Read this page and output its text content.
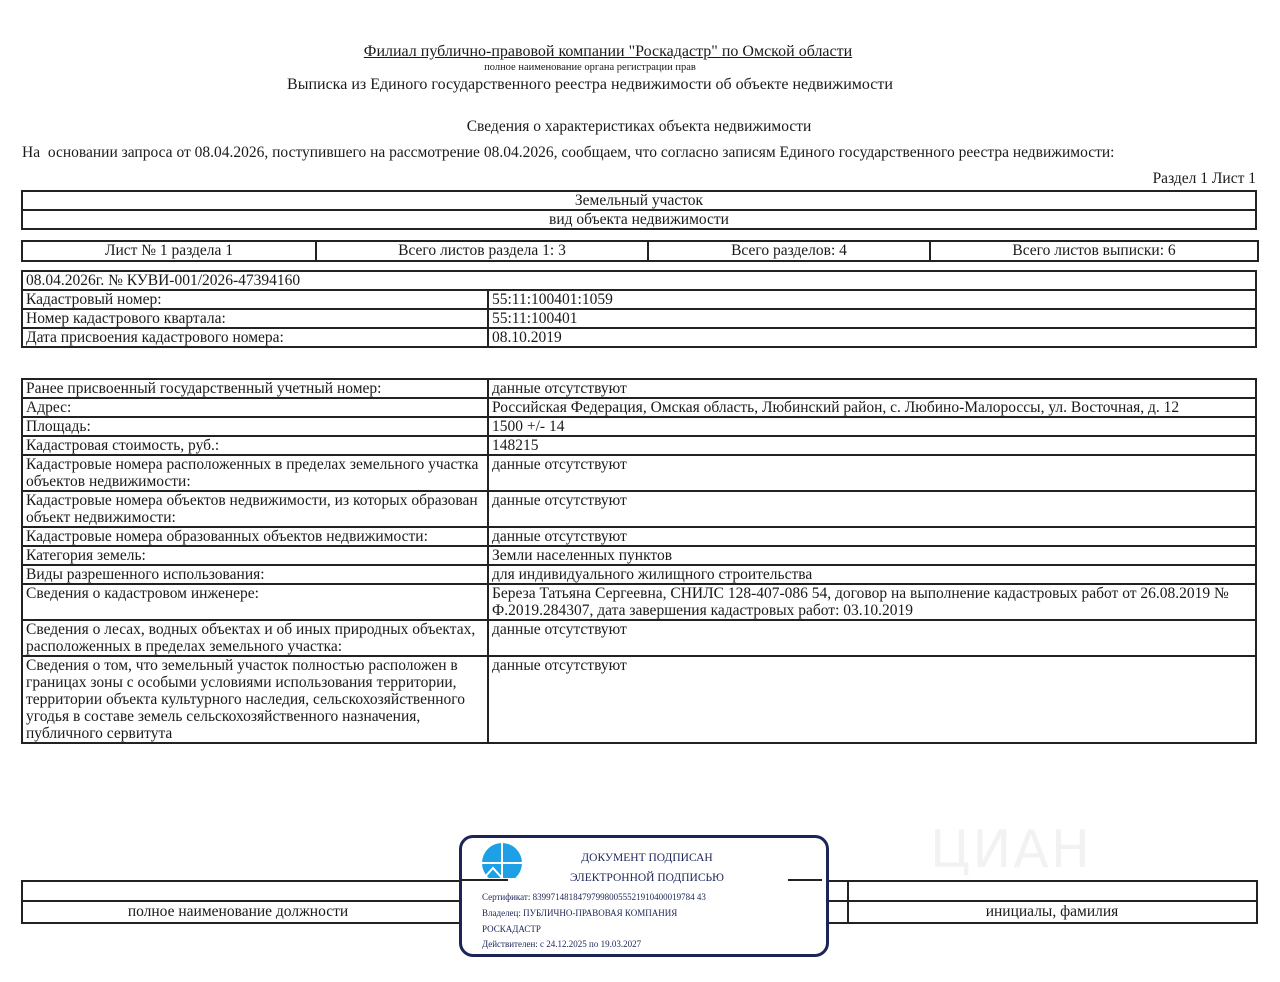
Филиал публично-правовой компании "Роскадастр" по Омской области
полное наименование органа регистрации прав
Выписка из Единого государственного реестра недвижимости об объекте недвижимости
Сведения о характеристиках объекта недвижимости
На  основании запроса от 08.04.2026, поступившего на рассмотрение 08.04.2026, сообщаем, что согласно записям Единого государственного реестра недвижимости:
Раздел 1 Лист 1
Земельный участок
вид объекта недвижимости
Лист № 1 раздела 1	Всего листов раздела 1: 3	Всего разделов: 4	Всего листов выписки: 6
08.04.2026г. № КУВИ-001/2026-47394160	
Кадастровый номер:	55:11:100401:1059
Номер кадастрового квартала:	55:11:100401
Дата присвоения кадастрового номера:	08.10.2019
Ранее присвоенный государственный учетный номер:	данные отсутствуют
Адрес:	Российская Федерация, Омская область, Любинский район, с. Любино-Малороссы, ул. Восточная, д. 12
Площадь:	1500 +/- 14
Кадастровая стоимость, руб.:	148215
Кадастровые номера расположенных в пределах земельного участка объектов недвижимости:	данные отсутствуют
Кадастровые номера объектов недвижимости, из которых образован объект недвижимости:	данные отсутствуют
Кадастровые номера образованных объектов недвижимости:	данные отсутствуют
Категория земель:	Земли населенных пунктов
Виды разрешенного использования:	для индивидуального жилищного строительства
Сведения о кадастровом инженере:	Береза Татьяна Сергеевна, СНИЛС 128-407-086 54, договор на выполнение кадастровых работ от 26.08.2019 № Ф.2019.284307, дата завершения кадастровых работ: 03.10.2019
Сведения о лесах, водных объектах и об иных природных объектах, расположенных в пределах земельного участка:	данные отсутствуют
Сведения о том, что земельный участок полностью расположен в границах зоны с особыми условиями использования территории, территории объекта культурного наследия, сельскохозяйственного угодья в составе земель сельскохозяйственного назначения, публичного сервитута	данные отсутствуют
ЦИАН
полное наименование должности	инициалы, фамилия
ДОКУМЕНТ ПОДПИСАН
ЭЛЕКТРОННОЙ ПОДПИСЬЮ
Сертификат: 839971481847979980055521910400019784 43
Владелец: ПУБЛИЧНО-ПРАВОВАЯ КОМПАНИЯ
РОСКАДАСТР
Действителен: с 24.12.2025 по 19.03.2027
